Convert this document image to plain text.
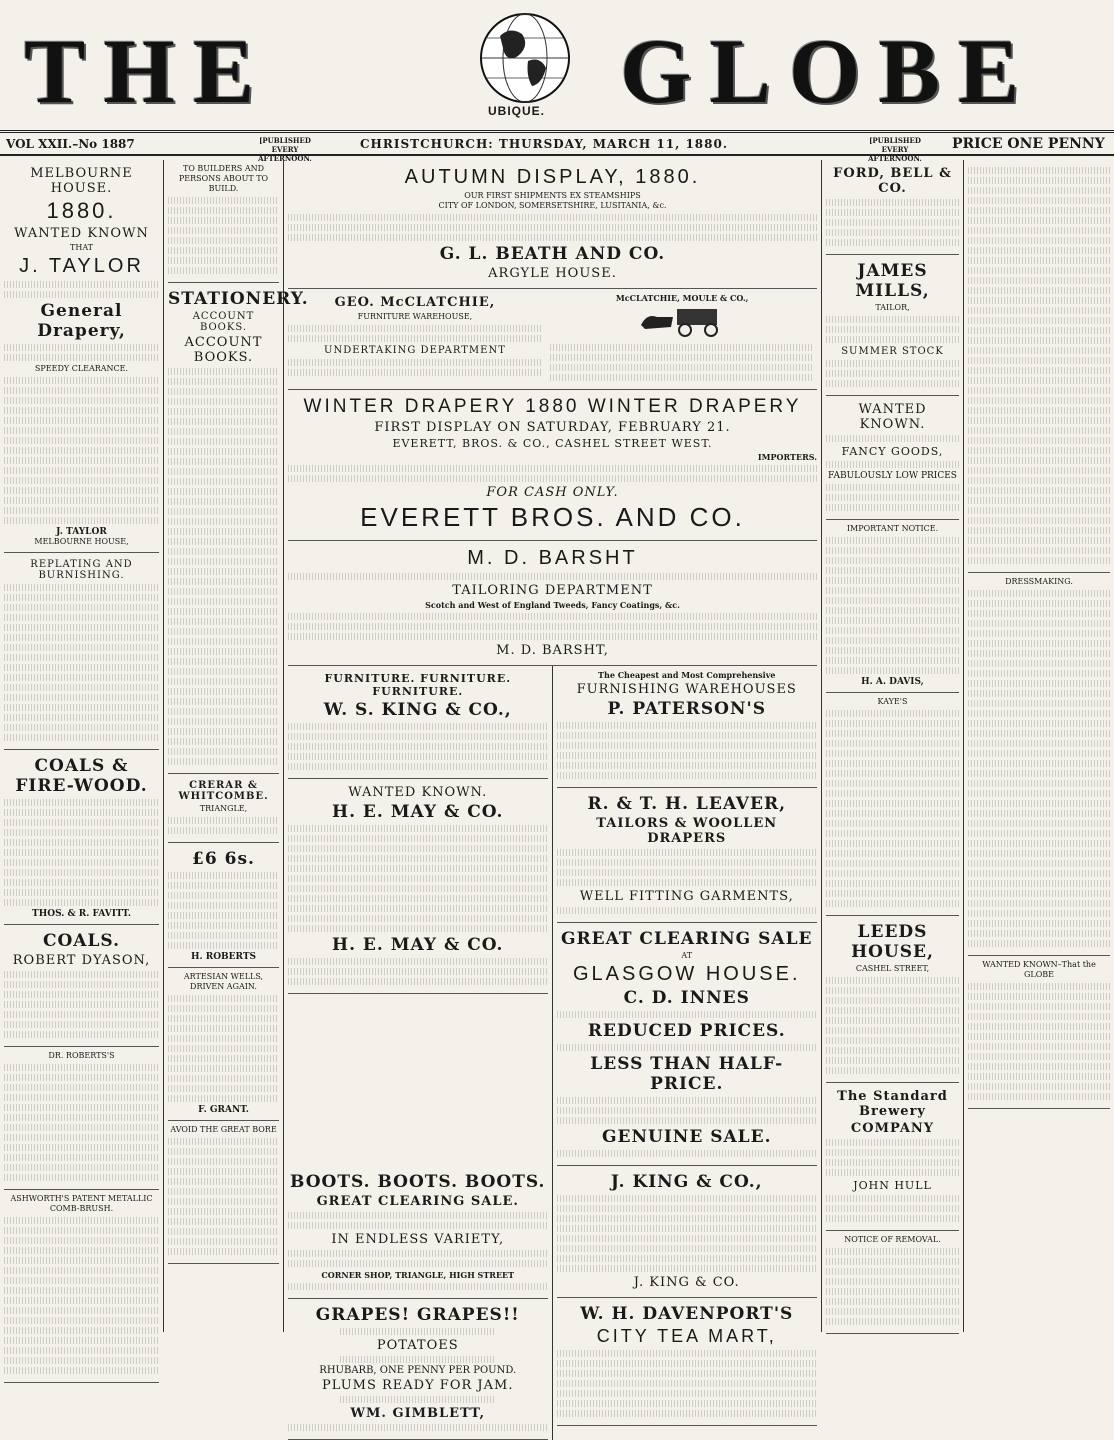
THE	UBIQUE. GLOBE
VOL XXII.–No 1887	[PUBLISHED EVERY AFTERNOON.
CHRISTCHURCH: THURSDAY, MARCH 11, 1880.	[PUBLISHED EVERY AFTERNOON.
PRICE ONE PENNY
MELBOURNE HOUSE.
1880.
WANTED KNOWN
THAT
J. TAYLOR
General Drapery,
SPEEDY CLEARANCE.
J. TAYLOR
MELBOURNE HOUSE,
REPLATING AND BURNISHING.
COALS & FIRE-WOOD.
THOS. & R. FAVITT.
COALS.
ROBERT DYASON,
DR. ROBERTS'S
ASHWORTH'S PATENT METALLIC COMB-BRUSH.
TO BUILDERS AND PERSONS ABOUT TO BUILD.
STATIONERY.
ACCOUNT BOOKS.
ACCOUNT BOOKS.
CRERAR & WHITCOMBE.
TRIANGLE,
£6 6s.
H. ROBERTS
ARTESIAN WELLS, DRIVEN AGAIN.
F. GRANT.
AVOID THE GREAT BORE
AUTUMN DISPLAY, 1880.
OUR FIRST SHIPMENTS EX STEAMSHIPS
CITY OF LONDON, SOMERSETSHIRE, LUSITANIA, &c.
G. L. BEATH AND CO.
ARGYLE HOUSE.
GEO. McCLATCHIE,
FURNITURE WAREHOUSE,
UNDERTAKING DEPARTMENT
McCLATCHIE, MOULE & CO.,
WINTER DRAPERY 1880 WINTER DRAPERY
FIRST DISPLAY ON SATURDAY, FEBRUARY 21.
EVERETT, BROS. & CO., CASHEL STREET WEST.
IMPORTERS.
FOR CASH ONLY.
EVERETT BROS. AND CO.
M. D. BARSHT
TAILORING DEPARTMENT
Scotch and West of England Tweeds, Fancy Coatings, &c.
M. D. BARSHT,
FURNITURE. FURNITURE. FURNITURE.
W. S. KING & CO.,
WANTED KNOWN.
H. E. MAY & CO.
H. E. MAY & CO.
The Cheapest and Most Comprehensive
FURNISHING WAREHOUSES
P. PATERSON'S
R. & T. H. LEAVER,
TAILORS & WOOLLEN DRAPERS
WELL FITTING GARMENTS,
GREAT CLEARING SALE
AT
GLASGOW HOUSE.
C. D. INNES
REDUCED PRICES.
LESS THAN HALF-PRICE.
GENUINE SALE.
BOOTS. BOOTS. BOOTS.
GREAT CLEARING SALE.
IN ENDLESS VARIETY,
CORNER SHOP, TRIANGLE, HIGH STREET
GRAPES! GRAPES!!
POTATOES
RHUBARB, ONE PENNY PER POUND.
PLUMS READY FOR JAM.
WM. GIMBLETT,
J. KING & CO.,
J. KING & CO.
W. H. DAVENPORT'S
CITY TEA MART,
FORD, BELL & CO.
JAMES MILLS,
TAILOR,
SUMMER STOCK
WANTED KNOWN.
FANCY GOODS,
FABULOUSLY LOW PRICES
IMPORTANT NOTICE.
H. A. DAVIS,
KAYE'S
LEEDS HOUSE,
CASHEL STREET,
The Standard Brewery
COMPANY
JOHN HULL
NOTICE OF REMOVAL.
DRESSMAKING.
WANTED KNOWN–That the GLOBE
